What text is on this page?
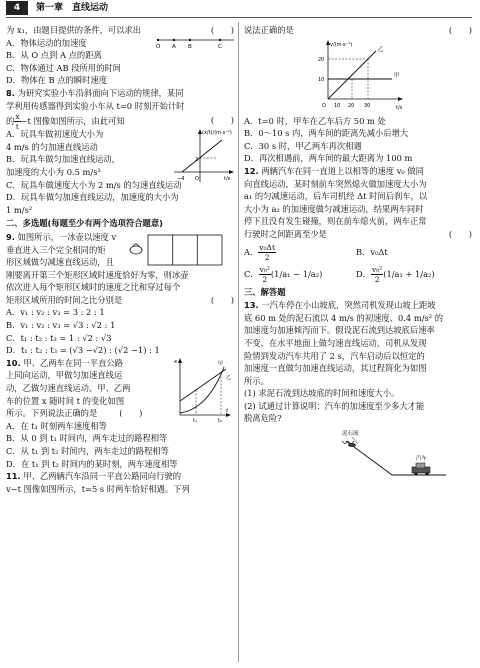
4	第一章　直线运动

为 x₁，由题目提供的条件，可以求出	(　　)

O A B	C

A．物体运动的加速度

B．从 O 点到 A 点的距离

C．物体通过 AB 段所用的时间

D．物体在 B 点的瞬时速度

8. 为研究实验小车沿斜面向下运动的规律，某同

学利用传感器得到实验小车从 t=0 时刻开始计时

的 $\frac{x}{t} -t$ 图像如图所示，由此可知	(　　)

(x/t)/(m·s⁻¹)
t/s
2
−4 O

A．玩具车做初速度大小为

4 m/s 的匀加速直线运动

B．玩具车做匀加速直线运动，

加速度的大小为 0.5 m/s²

C．玩具车做速度大小为 2 m/s 的匀速直线运动

D．玩具车做匀加速直线运动，加速度的大小为

1 m/s²

二、多选题(每题至少有两个选项符合题意)

9. 如图所示，一冰壶以速度 v

垂直进入三个完全相同的矩

形区域做匀减速直线运动，且

刚要离开第三个矩形区域时速度恰好为零，则冰壶

依次进入每个矩形区域时的速度之比和穿过每个

矩形区域所用的时间之比分别是	(　　)

A．v₁ : v₂ : v₃ = 3 : 2 : 1

B．v₁ : v₂ : v₃ = √3 : √2 : 1

C．t₁ : t₂ : t₃ = 1 : √2 : √3

D．t₁ : t₂ : t₃ = (√3 −√2) : (√2 −1) : 1

10. 甲、乙两车在同一平直公路	x
t
t₁	t₂
甲
乙

上同向运动，甲做匀加速直线运

动，乙做匀速直线运动。甲、乙两

车的位置 x 随时间 t 的变化如图

所示。下列说法正确的是	(　　)

A．在 t₁ 时刻两车速度相等

B．从 0 到 t₁ 时间内，两车走过的路程相等

C．从 t₁ 到 t₂ 时间内，两车走过的路程相等

D．在 t₁ 到 t₂ 时间内的某时刻，两车速度相等

11. 甲、乙两辆汽车沿同一平直公路同向行驶的

v−t 图像如图所示，t=5 s 时两车恰好相遇。下列

说法正确的是	(　　)

v/(m·s⁻¹)
t/s
20
10
O 10 20 30
甲
乙

A．t=0 时，甲车在乙车后方 50 m 处

B．0～10 s 内，两车间的距离先减小后增大

C．30 s 时，甲乙两车再次相遇

D．再次相遇前，两车间的最大距离为 100 m

12. 两辆汽车在同一直道上以相等的速度 v₀ 做同

向直线运动，某时刻前车突然熄火做加速度大小为

a₁ 的匀减速运动，后车司机经 Δt 时间后刹车，以

大小为 a₂ 的加速度做匀减速运动，结果两车同时

停下且没有发生碰撞，则在前车熄火前，两车正常

行驶时之间距离至少是	(　　)

A． $\frac{\text{v₀Δt}}{2}$	B．v₀Δt

C． $\frac{\text{v₀²}}{2} (1/a_1 - 1/a_2)$	D． $\frac{\text{v₀²}}{2} (1/a_1 + 1/a_2)$

三、解答题

13. 一汽车停在小山坡底，突然司机发现山坡上距坡

底 60 m 处的泥石流以 4 m/s 的初速度、0.4 m/s² 的

加速度匀加速倾泻而下。假设泥石流到达坡底后速率

不变，在水平地面上做匀速直线运动，司机从发现

险情到发动汽车共用了 2 s，汽车启动后以恒定的

加速度一直做匀加速直线运动，其过程简化为如图

所示。

(1) 求泥石流到达坡底的时间和速度大小。

(2) 试通过计算说明：汽车的加速度至少多大才能

脱离危险?

泥石流
汽车
